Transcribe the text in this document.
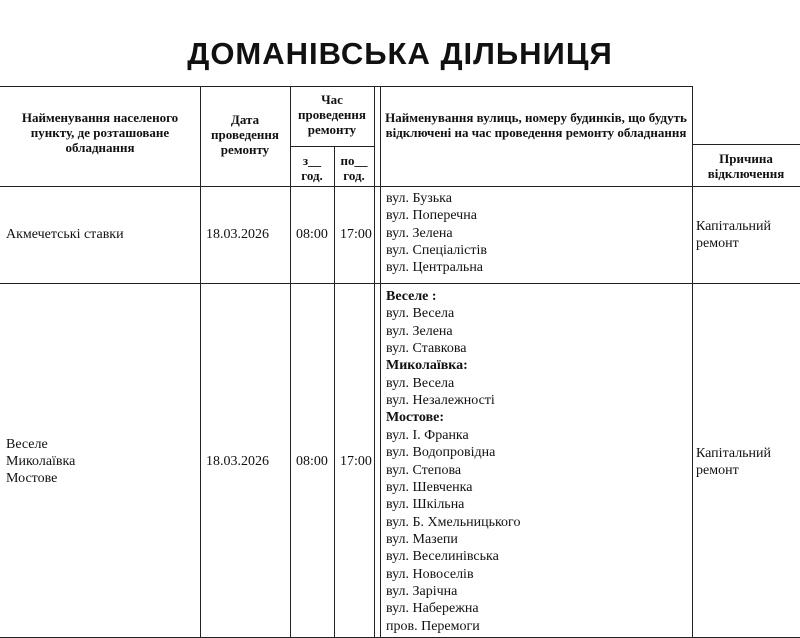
ДОМАНІВСЬКА ДІЛЬНИЦЯ
Найменування населеного пункту, де розташоване обладнання
Дата проведення ремонту
Час проведення ремонту
з__ год.
по__ год.
Найменування вулиць, номеру будинків, що будуть відключені на час проведення ремонту обладнання
Причина відключення
Акмечетські ставки	18.03.2026 08:00 17:00
Капітальний
ремонт
вул. Бузька
вул. Поперечна
вул. Зелена
вул. Спеціалістів
вул. Центральна
Веселе
Миколаївка
Мостове
18.03.2026 08:00 17:00
Капітальний
ремонт
Веселе :
вул. Весела
вул. Зелена
вул. Ставкова
Миколаївка:
вул. Весела
вул. Незалежності
Мостове:
вул. І. Франка
вул. Водопровідна
вул. Степова
вул. Шевченка
вул. Шкільна
вул. Б. Хмельницького
вул. Мазепи
вул. Веселинівська
вул. Новоселів
вул. Зарічна
вул. Набережна
пров. Перемоги
